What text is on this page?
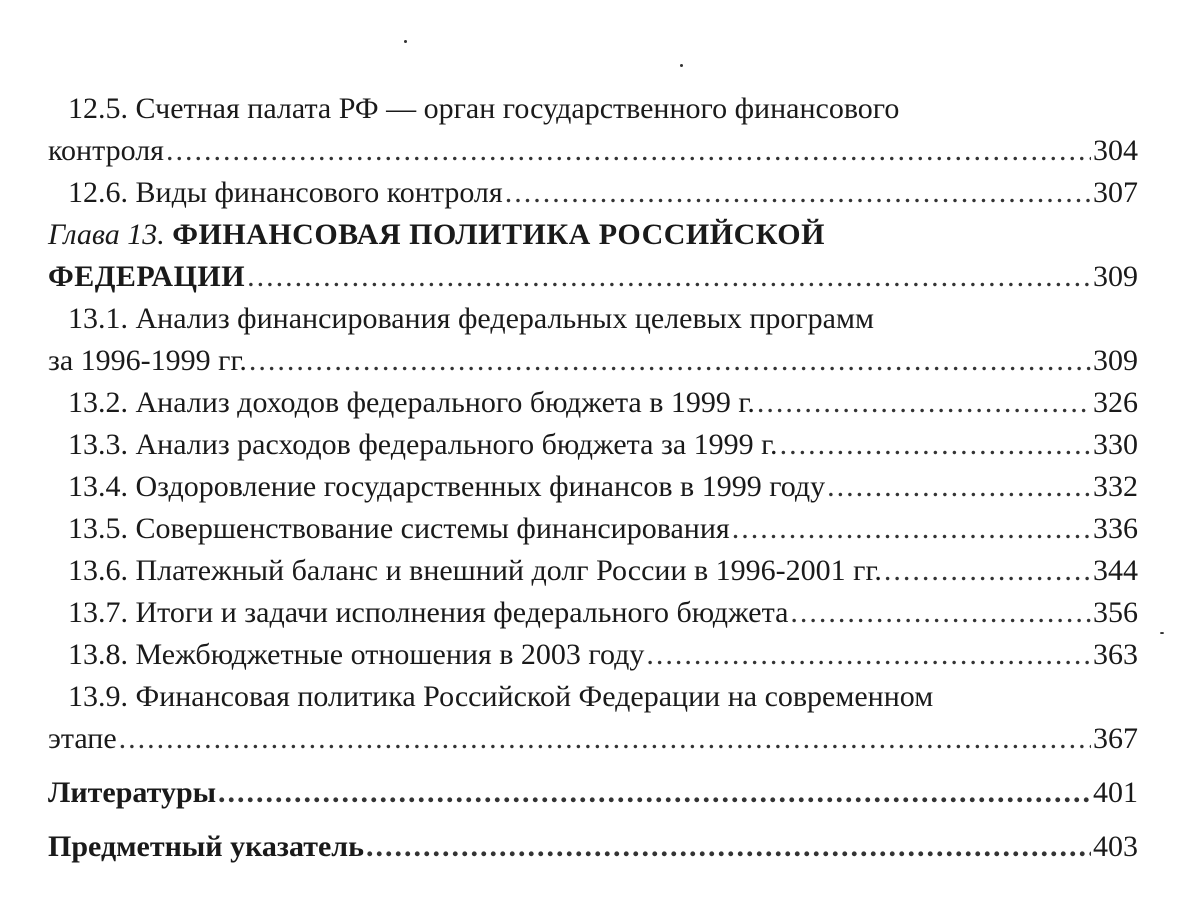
12.5. Счетная палата РФ — орган государственного финансового
контроля .....	304
12.6. Виды финансового контроля .....	307
Глава 13.
ФИНАНСОВАЯ ПОЛИТИКА РОССИЙСКОЙ
ФЕДЕРАЦИИ .....	309
13.1. Анализ финансирования федеральных целевых программ
за 1996-1999 гг. .....	309
13.2. Анализ доходов федерального бюджета в 1999 г. .....	326
13.3. Анализ расходов федерального бюджета за 1999 г. .....	330
13.4. Оздоровление государственных финансов в 1999 году .....	332
13.5. Совершенствование системы финансирования .....	336
13.6. Платежный баланс и внешний долг России в 1996-2001 гг. .....	344
13.7. Итоги и задачи исполнения федерального бюджета .....	356
13.8. Межбюджетные отношения в 2003 году .....	363
13.9. Финансовая политика Российской Федерации на современном
этапе .....	367
Литературы .....	401
Предметный указатель .....	403
